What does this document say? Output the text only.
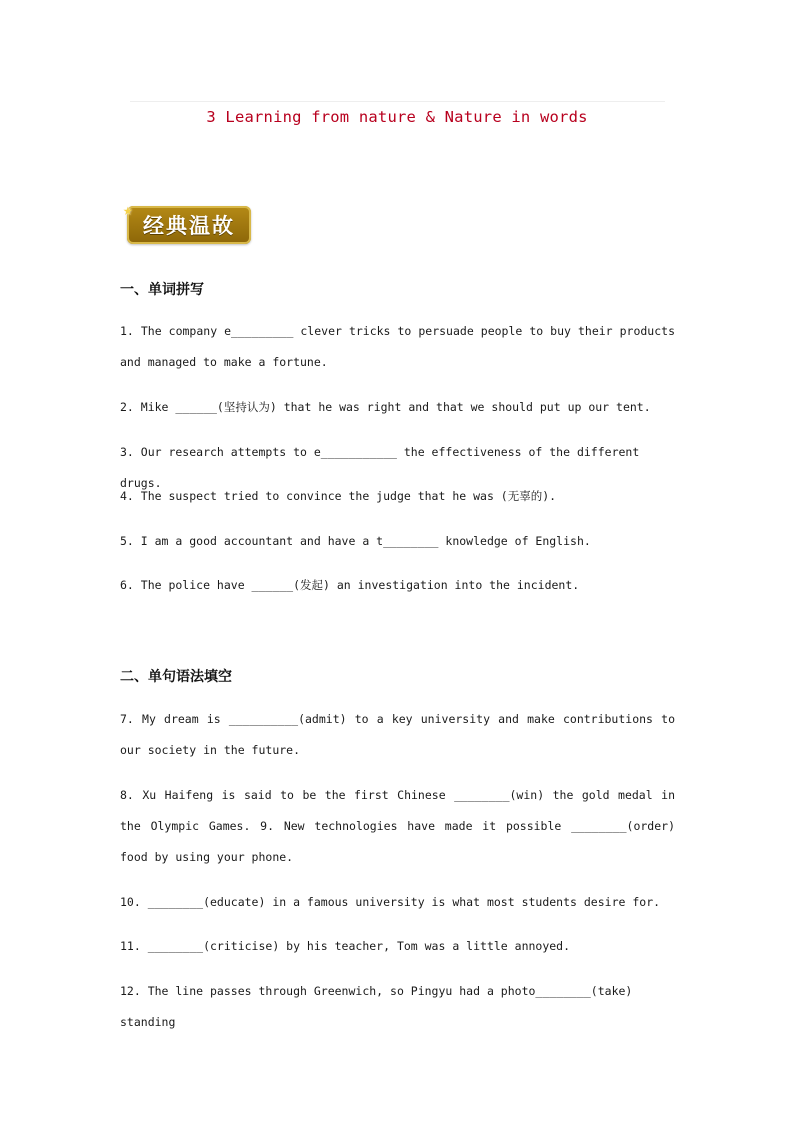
3 Learning from nature & Nature in words
★
经典温故
一、单词拼写
1. The company e_________ clever tricks to persuade people to buy their products and managed to make a fortune.
2. Mike ______(坚持认为) that he was right and that we should put up our tent.
3. Our research attempts to e___________ the effectiveness of the different drugs.
4. The suspect tried to convince the judge that he was (无辜的).
5. I am a good accountant and have a t________ knowledge of English.
6. The police have ______(发起) an investigation into the incident.
二、单句语法填空
7. My dream is __________(admit) to a key university and make contributions to our society in the future.
8. Xu Haifeng is said to be the first Chinese ________(win) the gold medal in the Olympic Games. 9. New technologies have made it possible ________(order) food by using your phone.
10. ________(educate) in a famous university is what most students desire for.
11. ________(criticise) by his teacher, Tom was a little annoyed.
12. The line passes through Greenwich, so Pingyu had a photo________(take) standing
